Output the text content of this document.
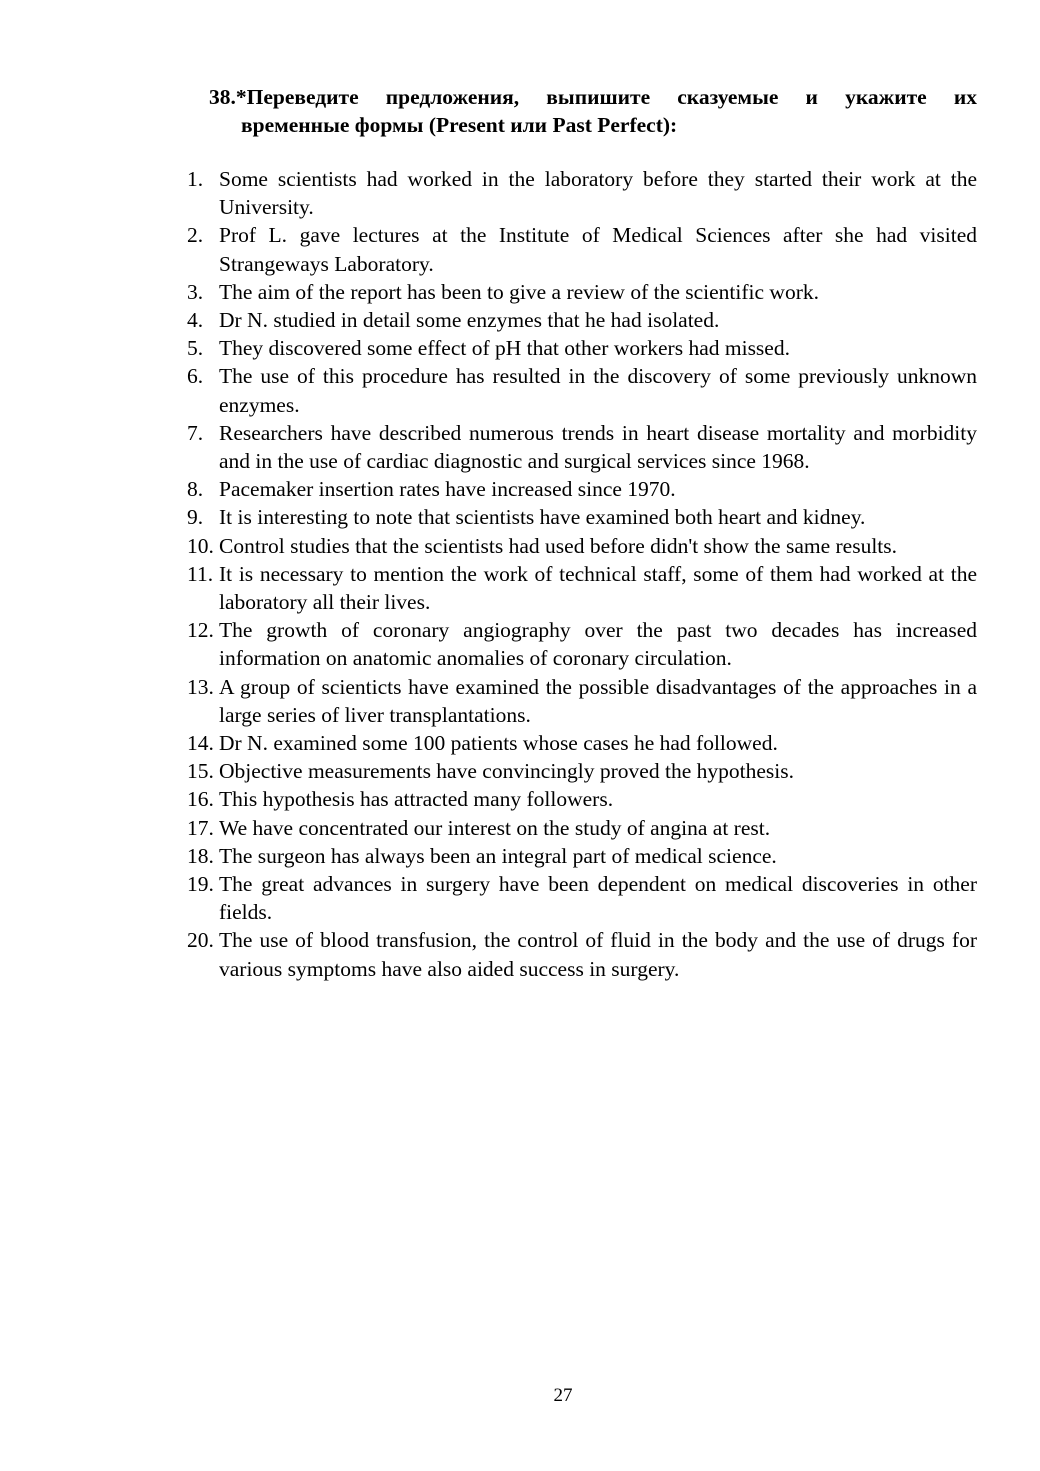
38.*Переведите предложения, выпишите сказуемые и укажите их
временные формы (Present или Past Perfect):
1. Some scientists had worked in the laboratory before they started their work at the University.
2. Prof L. gave lectures at the Institute of Medical Sciences after she had visited Strangeways Laboratory.
3. The aim of the report has been to give a review of the scientific work.
4. Dr N. studied in detail some enzymes that he had isolated.
5. They discovered some effect of pH that other workers had missed.
6. The use of this procedure has resulted in the discovery of some previously unknown enzymes.
7. Researchers have described numerous trends in heart disease mortality and morbidity and in the use of cardiac diagnostic and surgical services since 1968.
8. Pacemaker insertion rates have increased since 1970.
9. It is interesting to note that scientists have examined both heart and kidney.
10. Control studies that the scientists had used before didn't show the same results.
11. It is necessary to mention the work of technical staff, some of them had worked at the laboratory all their lives.
12. The growth of coronary angiography over the past two decades has increased information on anatomic anomalies of coronary circulation.
13. A group of scienticts have examined the possible disadvantages of the approaches in a large series of liver transplantations.
14. Dr N. examined some 100 patients whose cases he had followed.
15. Objective measurements have convincingly proved the hypothesis.
16. This hypothesis has attracted many followers.
17. We have concentrated our interest on the study of angina at rest.
18. The surgeon has always been an integral part of medical science.
19. The great advances in surgery have been dependent on medical discoveries in other fields.
20. The use of blood transfusion, the control of fluid in the body and the use of drugs for various symptoms have also aided success in surgery.
27
